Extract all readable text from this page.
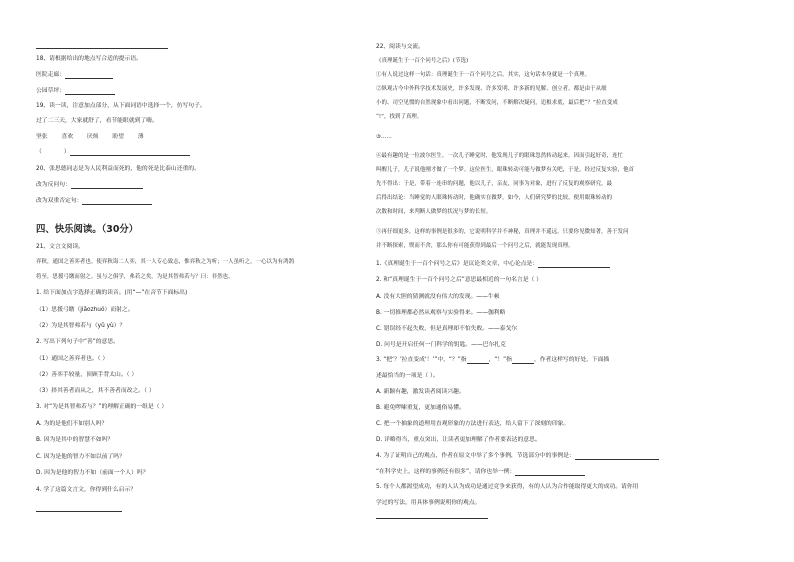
18、请根据给出的地点写合适的提示语。
医院走廊：
公园草坪：
19、读一读，注意加点部分，从下面词语中选择一个，仿写句子。
过了二三天，大家就舒了，看节能眼就到了嗨。
坚张 喜欢 厌烦 盼望 薄
（	）
20、张思德同志是为人民利益而死的，他的死是比泰山还重的。
改为反问句：
改为双重否定句：
四、快乐阅读。（30分）
21、文言文阅读。
弈秋，通国之善弈者也。使弈秋诲二人弈，其一人专心致志，惟弈秋之为听；一人虽听之，一心以为有鸿鹄
将至，思援弓缴而射之。虽与之俱学，弗若之矣。为是其智弗若与？曰：非然也。
1. 给下面加点字选择正确的读音。(用“—”在音节下面标出)
（1）思援弓缴（jiǎozhuó）而射之。
（2）为是其智弗若与（yǔ yù）？
2. 写出下列句子中“善”的意思。
（1）通国之善弈者也。（ ）
（2）善弈手较量，顶顾手背太山。（ ）
（3）择其善者而从之，其不善者而改之。（ ）
3. 对“为是其智弗若与？”的理解正确的一组是（ ）
A. 为的是他们不如别人吗？
B. 因为是其中的智慧不如吗？
C. 因为是他的智力不如以前了吗？
D. 因为是他的智力不如（前面一个人）吗？
4. 学了这篇文言文，你得到什么启示？
22、阅读与交流。
《真理诞生于一百个问号之后》(节选)
①有人说过这样一句话：真理诞生于一百个问号之后。其实，这句话本身就是一个真理。
②纵观古今中外科学技术发展史，许多发现、许多发明、许多新的见解、创立者，都是由于从细
小的、司空见惯的自然现象中看出问题，不断发问，不断解决疑问，追根求底，最后把“？”拉直变成
“!”，找到了真理。
③……
④最有趣的是一位波尔医生。一次儿子睡觉时，他发现儿子的眼珠忽然转动起来，因而引起好奇，连忙
叫醒儿子，儿子说他刚才做了一个梦。这位医生，眼珠转动可能与做梦有关吧，于是，经过反复实验，他首
先不得出：于是，带着一连串的问题，他以儿子，亲友，同事为对象，进行了反复的观察研究，最
后得出结论：当睡觉的人眼珠转动时，他确实在做梦。如今，人们研究梦的比较，便用眼珠转动的
次数和时间，来判断人做梦的状况与梦的长短。
⑤再仔细更多，这样的事例是很多的，它说明科学并不神秘，真理并不遥远。只要你见微知著，善于发问
并不断探索，锲而不舍，那么你有可能获得到最后一个问号之后，就能发现真理。
1.《真理诞生于一百个问号之后》是议论类文章，中心论点是：
2. 和“真理诞生于一百个问号之后”意思最相近的一句名言是（ ）
A. 没有大胆的猜测就没有伟大的发现。——牛顿
B. 一切推理都必然从观察与实验得来。——伽利略
C. 错误经不起失败，但是真理却不怕失败。——泰戈尔
D. 问号是开启任何一门科学的钥匙。——巴尔扎克
3. “把‘？’拉直变成‘！’”中，“？”指	，“！”指	，作者这样写的好处，下面描
述最恰当的一项是（ ）。
A. 新颖有趣，激发读者阅读兴趣。
B. 避免啰嗦重复，更加通俗易懂。
C. 把一个抽象的道理用直观形象的方法进行表达，给人留下了深刻的印象。
D. 详略得当，重点突出，让读者更加理解了作者要表达的意思。
4. 为了证明自己的观点，作者在原文中举了多个事例，节选部分中的事例是：
“在科学史上，这样的事例还有很多”，请你也举一例：
5. 每个人都渴望成功，有的人认为成功是通过竞争来获得，有的人认为合作能取得更大的成功。请你用
学过的写法，用具体事例说明你的观点。
